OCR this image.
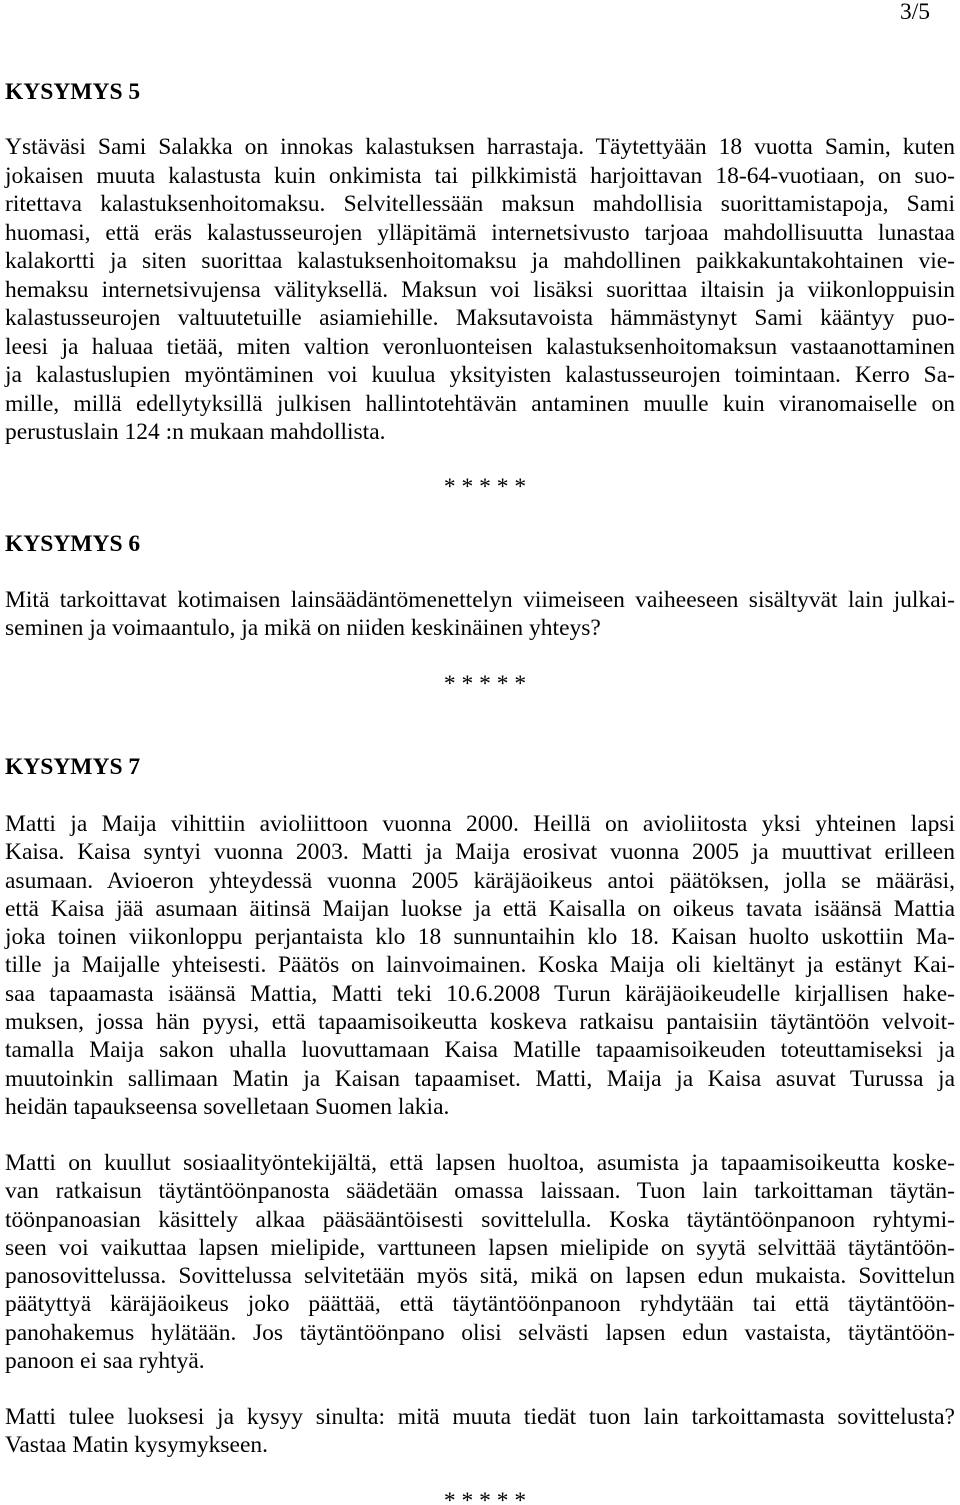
3/5
KYSYMYS 5
Ystäväsi Sami Salakka on innokas kalastuksen harrastaja. Täytettyään 18 vuotta Samin, kuten
jokaisen muuta kalastusta kuin onkimista tai pilkkimistä harjoittavan 18-64-vuotiaan, on suo-
ritettava kalastuksenhoitomaksu. Selvitellessään maksun mahdollisia suorittamistapoja, Sami
huomasi, että eräs kalastusseurojen ylläpitämä internetsivusto tarjoaa mahdollisuutta lunastaa
kalakortti ja siten suorittaa kalastuksenhoitomaksu ja mahdollinen paikkakuntakohtainen vie-
hemaksu internetsivujensa välityksellä. Maksun voi lisäksi suorittaa iltaisin ja viikonloppuisin
kalastusseurojen valtuutetuille asiamiehille. Maksutavoista hämmästynyt Sami kääntyy puo-
leesi ja haluaa tietää, miten valtion veronluonteisen kalastuksenhoitomaksun vastaanottaminen
ja kalastuslupien myöntäminen voi kuulua yksityisten kalastusseurojen toimintaan. Kerro Sa-
mille, millä edellytyksillä julkisen hallintotehtävän antaminen muulle kuin viranomaiselle on
perustuslain 124 :n mukaan mahdollista.
* * * * *
KYSYMYS 6
Mitä tarkoittavat kotimaisen lainsäädäntömenettelyn viimeiseen vaiheeseen sisältyvät lain julkai-
seminen ja voimaantulo, ja mikä on niiden keskinäinen yhteys?
* * * * *
KYSYMYS 7
Matti ja Maija vihittiin avioliittoon vuonna 2000. Heillä on avioliitosta yksi yhteinen lapsi
Kaisa. Kaisa syntyi vuonna 2003. Matti ja Maija erosivat vuonna 2005 ja muuttivat erilleen
asumaan. Avioeron yhteydessä vuonna 2005 käräjäoikeus antoi päätöksen, jolla se määräsi,
että Kaisa jää asumaan äitinsä Maijan luokse ja että Kaisalla on oikeus tavata isäänsä Mattia
joka toinen viikonloppu perjantaista klo 18 sunnuntaihin klo 18. Kaisan huolto uskottiin Ma-
tille ja Maijalle yhteisesti. Päätös on lainvoimainen. Koska Maija oli kieltänyt ja estänyt Kai-
saa tapaamasta isäänsä Mattia, Matti teki 10.6.2008 Turun käräjäoikeudelle kirjallisen hake-
muksen, jossa hän pyysi, että tapaamisoikeutta koskeva ratkaisu pantaisiin täytäntöön velvoit-
tamalla Maija sakon uhalla luovuttamaan Kaisa Matille tapaamisoikeuden toteuttamiseksi ja
muutoinkin sallimaan Matin ja Kaisan tapaamiset. Matti, Maija ja Kaisa asuvat Turussa ja
heidän tapaukseensa sovelletaan Suomen lakia.
Matti on kuullut sosiaalityöntekijältä, että lapsen huoltoa, asumista ja tapaamisoikeutta koske-
van ratkaisun täytäntöönpanosta säädetään omassa laissaan. Tuon lain tarkoittaman täytän-
töönpanoasian käsittely alkaa pääsääntöisesti sovittelulla. Koska täytäntöönpanoon ryhtymi-
seen voi vaikuttaa lapsen mielipide, varttuneen lapsen mielipide on syytä selvittää täytäntöön-
panosovittelussa. Sovittelussa selvitetään myös sitä, mikä on lapsen edun mukaista. Sovittelun
päätyttyä käräjäoikeus joko päättää, että täytäntöönpanoon ryhdytään tai että täytäntöön-
panohakemus hylätään. Jos täytäntöönpano olisi selvästi lapsen edun vastaista, täytäntöön-
panoon ei saa ryhtyä.
Matti tulee luoksesi ja kysyy sinulta: mitä muuta tiedät tuon lain tarkoittamasta sovittelusta?
Vastaa Matin kysymykseen.
* * * * *
